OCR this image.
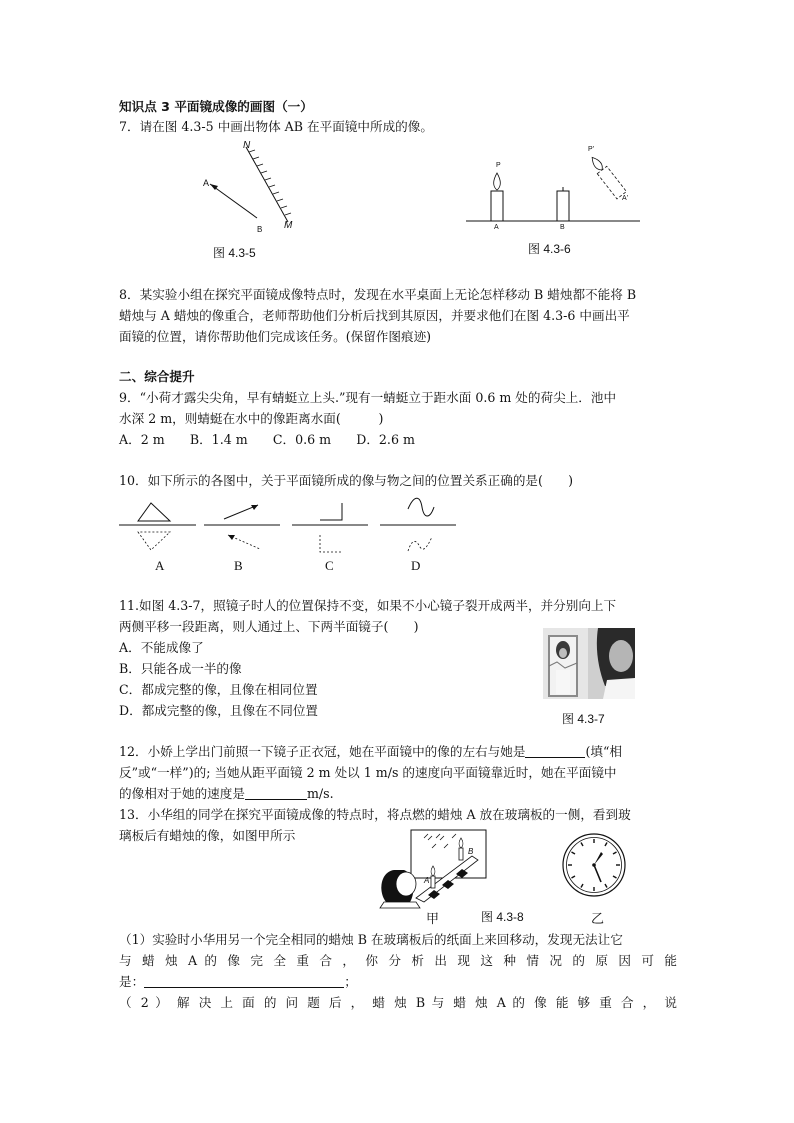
知识点 3 平面镜成像的画图（一）
7．请在图 4.3-5 中画出物体 AB 在平面镜中所成的像。
A
B
N
M
图 4.3-5
P
P'
A	B
A'
图 4.3-6
8．某实验小组在探究平面镜成像特点时，发现在水平桌面上无论怎样移动 B 蜡烛都不能将 B
蜡烛与 A 蜡烛的像重合，老师帮助他们分析后找到其原因，并要求他们在图 4.3-6 中画出平
面镜的位置，请你帮助他们完成该任务。(保留作图痕迹)
二、综合提升
9．“小荷才露尖尖角，早有蜻蜓立上头.”现有一蜻蜓立于距水面 0.6 m 处的荷尖上．池中
水深 2 m，则蜻蜓在水中的像距离水面(　　　)
A．2 m　　B．1.4 m　　C．0.6 m　　D．2.6 m
10．如下所示的各图中，关于平面镜所成的像与物之间的位置关系正确的是(　　)
A	B	C	D
11.如图 4.3-7，照镜子时人的位置保持不变，如果不小心镜子裂开成两半，并分别向上下
两侧平移一段距离，则人通过上、下两半面镜子(　　)
A．不能成像了
B．只能各成一半的像
C．都成完整的像，且像在相同位置
D．都成完整的像，且像在不同位置
图 4.3-7
12．小娇上学出门前照一下镜子正衣冠，她在平面镜中的像的左右与她是	(填“相
反”或“一样”)的; 当她从距平面镜 2 m 处以 1 m/s 的速度向平面镜靠近时，她在平面镜中
的像相对于她的速度是	m/s.
13．小华组的同学在探究平面镜成像的特点时，将点燃的蜡烛 A 放在玻璃板的一侧，看到玻
璃板后有蜡烛的像，如图甲所示
A
B
甲	图 4.3-8	乙
（1）实验时小华用另一个完全相同的蜡烛 B 在玻璃板后的纸面上来回移动，发现无法让它
与 蜡 烛 A 的 像 完 全 重 合 ， 你 分 析 出 现 这 种 情 况 的 原 因 可 能
是：	；
（ 2 ） 解 决 上 面 的 问 题 后 ， 蜡 烛 B 与 蜡 烛 A 的 像 能 够 重 合 ， 说
